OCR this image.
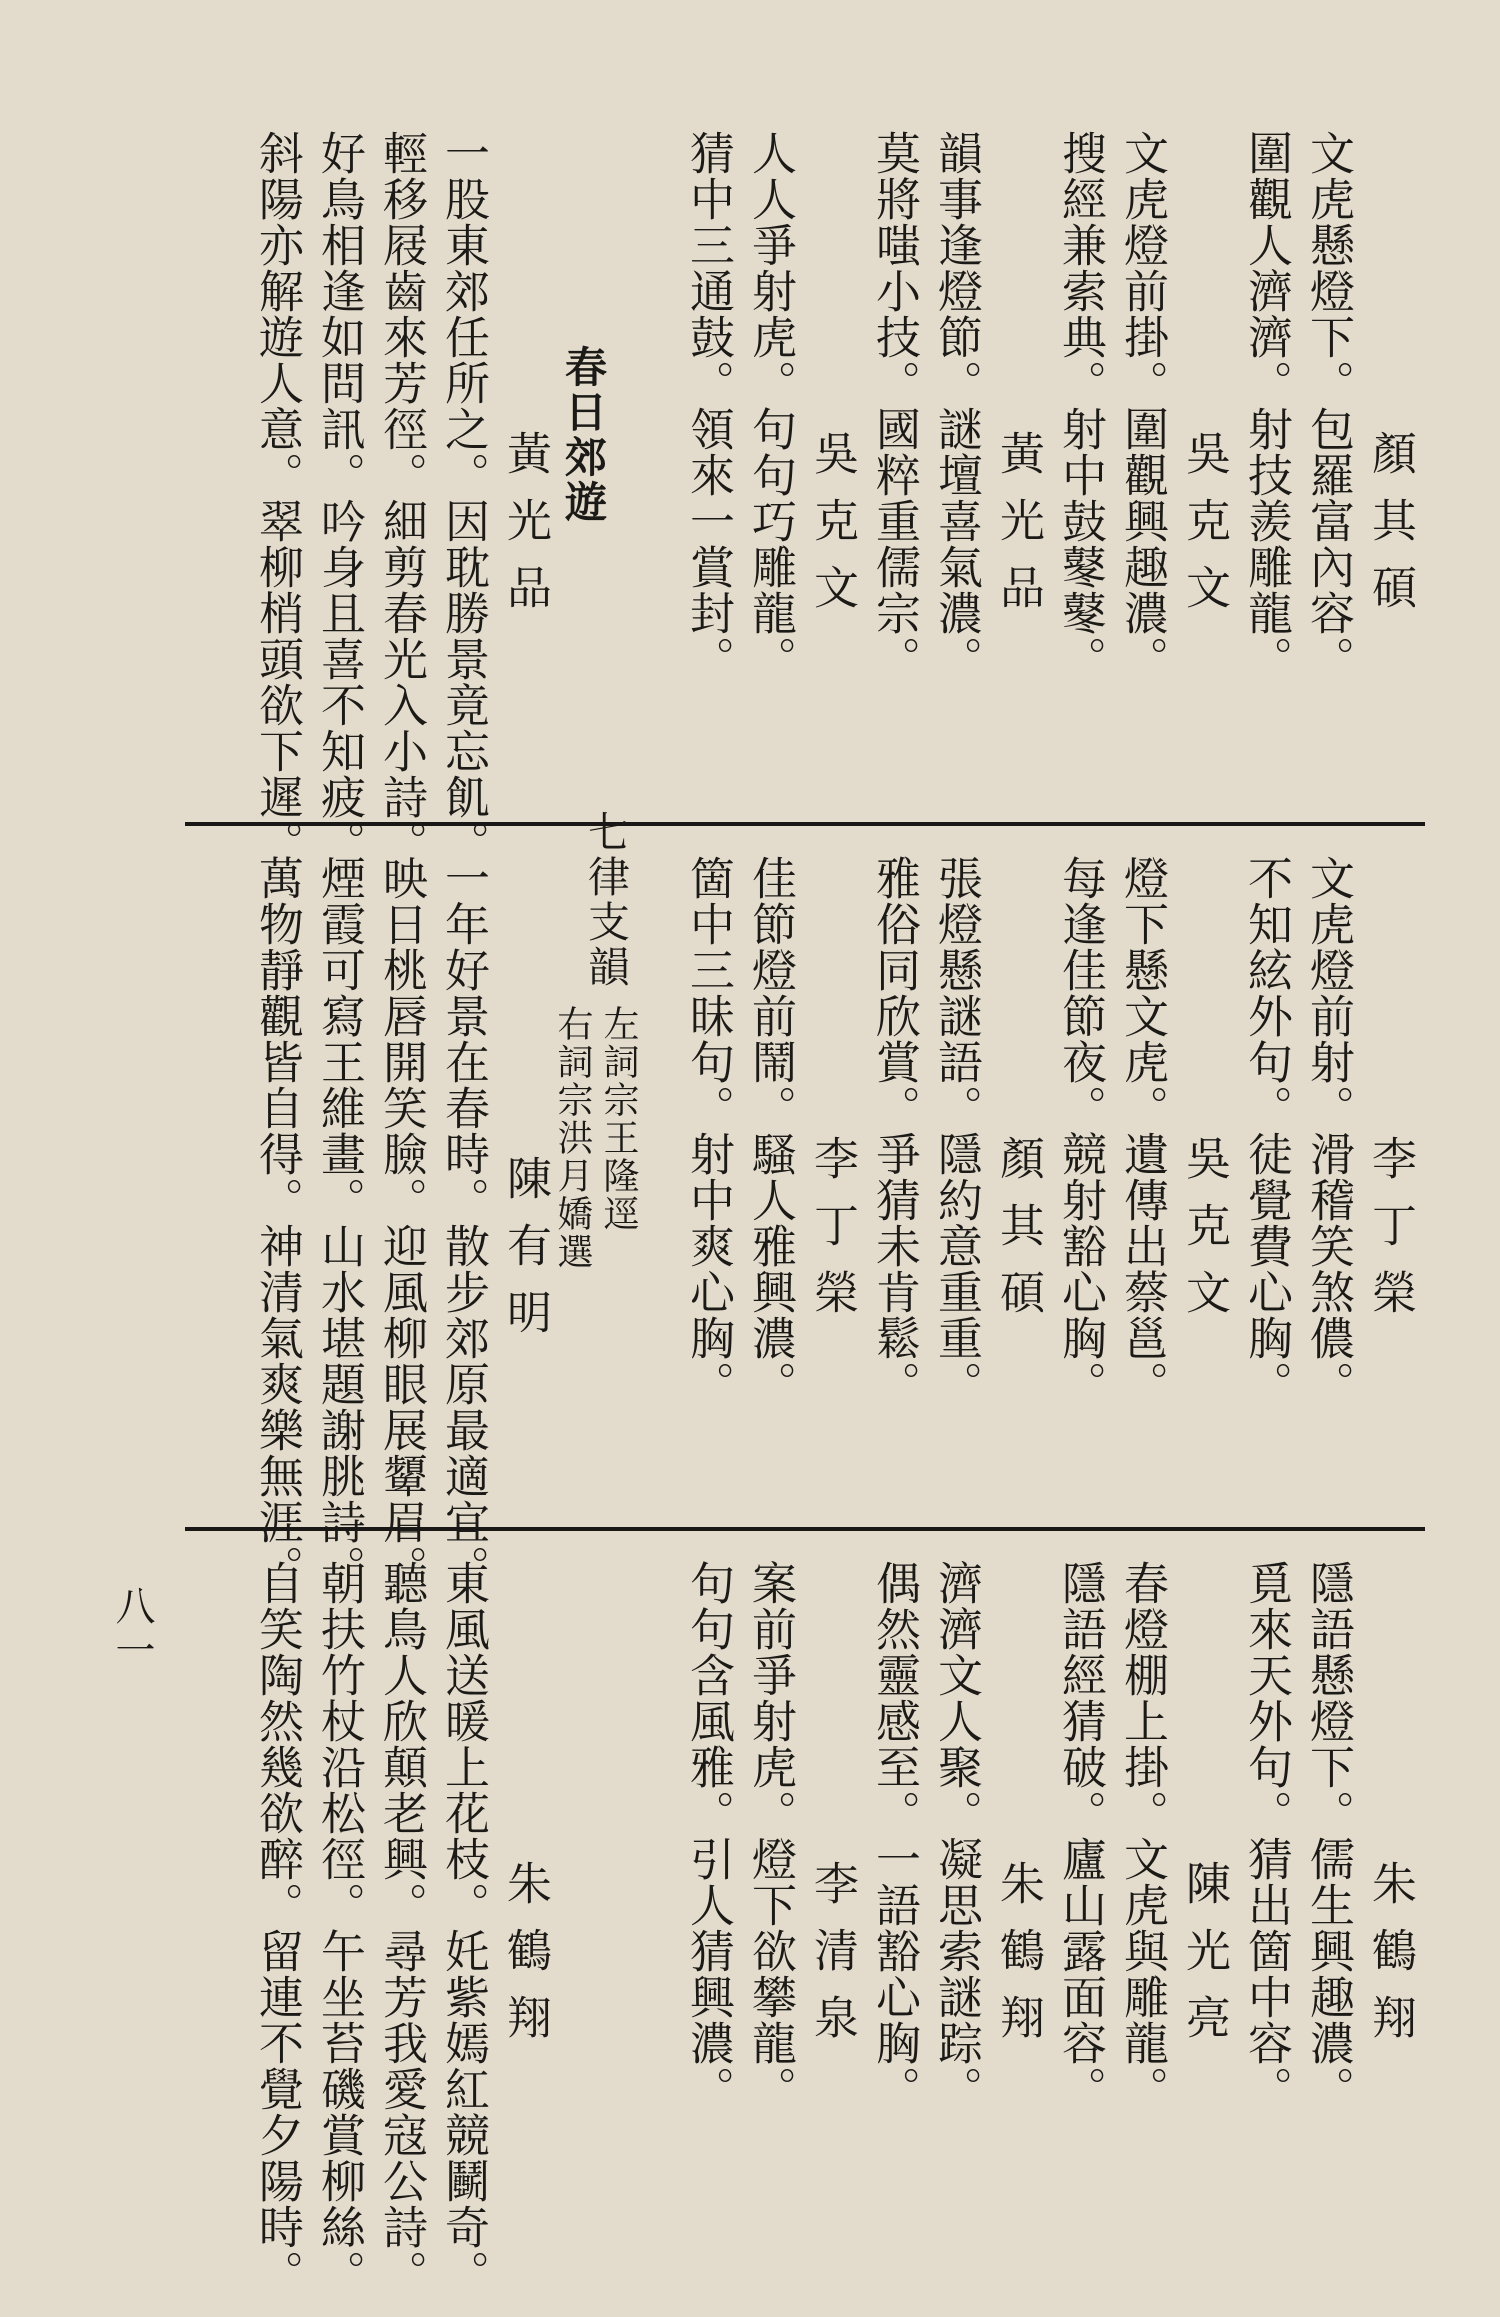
顏其碩
文虎懸燈下。包羅富內容。
圍觀人濟濟。射技羨雕龍。
吳克文
文虎燈前掛。圍觀興趣濃。
搜經兼索典。射中鼓鼕鼕。
黃光品
韻事逢燈節。謎壇喜氣濃。
莫將嗤小技。國粹重儒宗。
吳克文
人人爭射虎。句句巧雕龍。
猜中三通鼓。領來一賞封。
春日郊遊
黃光品
一股東郊任所之。因耽勝景竟忘飢。
輕移屐齒來芳徑。細剪春光入小詩。
好鳥相逢如問訊。吟身且喜不知疲。
斜陽亦解遊人意。翠柳梢頭欲下遲。
李丁榮
文虎燈前射。滑稽笑煞儂。
不知絃外句。徒覺費心胸。
吳克文
燈下懸文虎。遺傳出蔡邕。
每逢佳節夜。競射豁心胸。
顏其碩
張燈懸謎語。隱約意重重。
雅俗同欣賞。爭猜未肯鬆。
李丁榮
佳節燈前鬧。騷人雅興濃。
箇中三昧句。射中爽心胸。
七律支韻
左詞宗王隆逕
右詞宗洪月嬌選
陳有明
一年好景在春時。散步郊原最適宜。
映日桃唇開笑臉。迎風柳眼展顰眉。
煙霞可寫王維畫。山水堪題謝朓詩。
萬物靜觀皆自得。神清氣爽樂無涯。
朱鶴翔
隱語懸燈下。儒生興趣濃。
覓來天外句。猜出箇中容。
陳光亮
春燈棚上掛。文虎與雕龍。
隱語經猜破。廬山露面容。
朱鶴翔
濟濟文人聚。凝思索謎踪。
偶然靈感至。一語豁心胸。
李清泉
案前爭射虎。燈下欲攀龍。
句句含風雅。引人猜興濃。
朱鶴翔
東風送暖上花枝。奼紫嫣紅競鬭奇。
聽鳥人欣顛老興。尋芳我愛寇公詩。
朝扶竹杖沿松徑。午坐苔磯賞柳絲。
自笑陶然幾欲醉。留連不覺夕陽時。
八一
